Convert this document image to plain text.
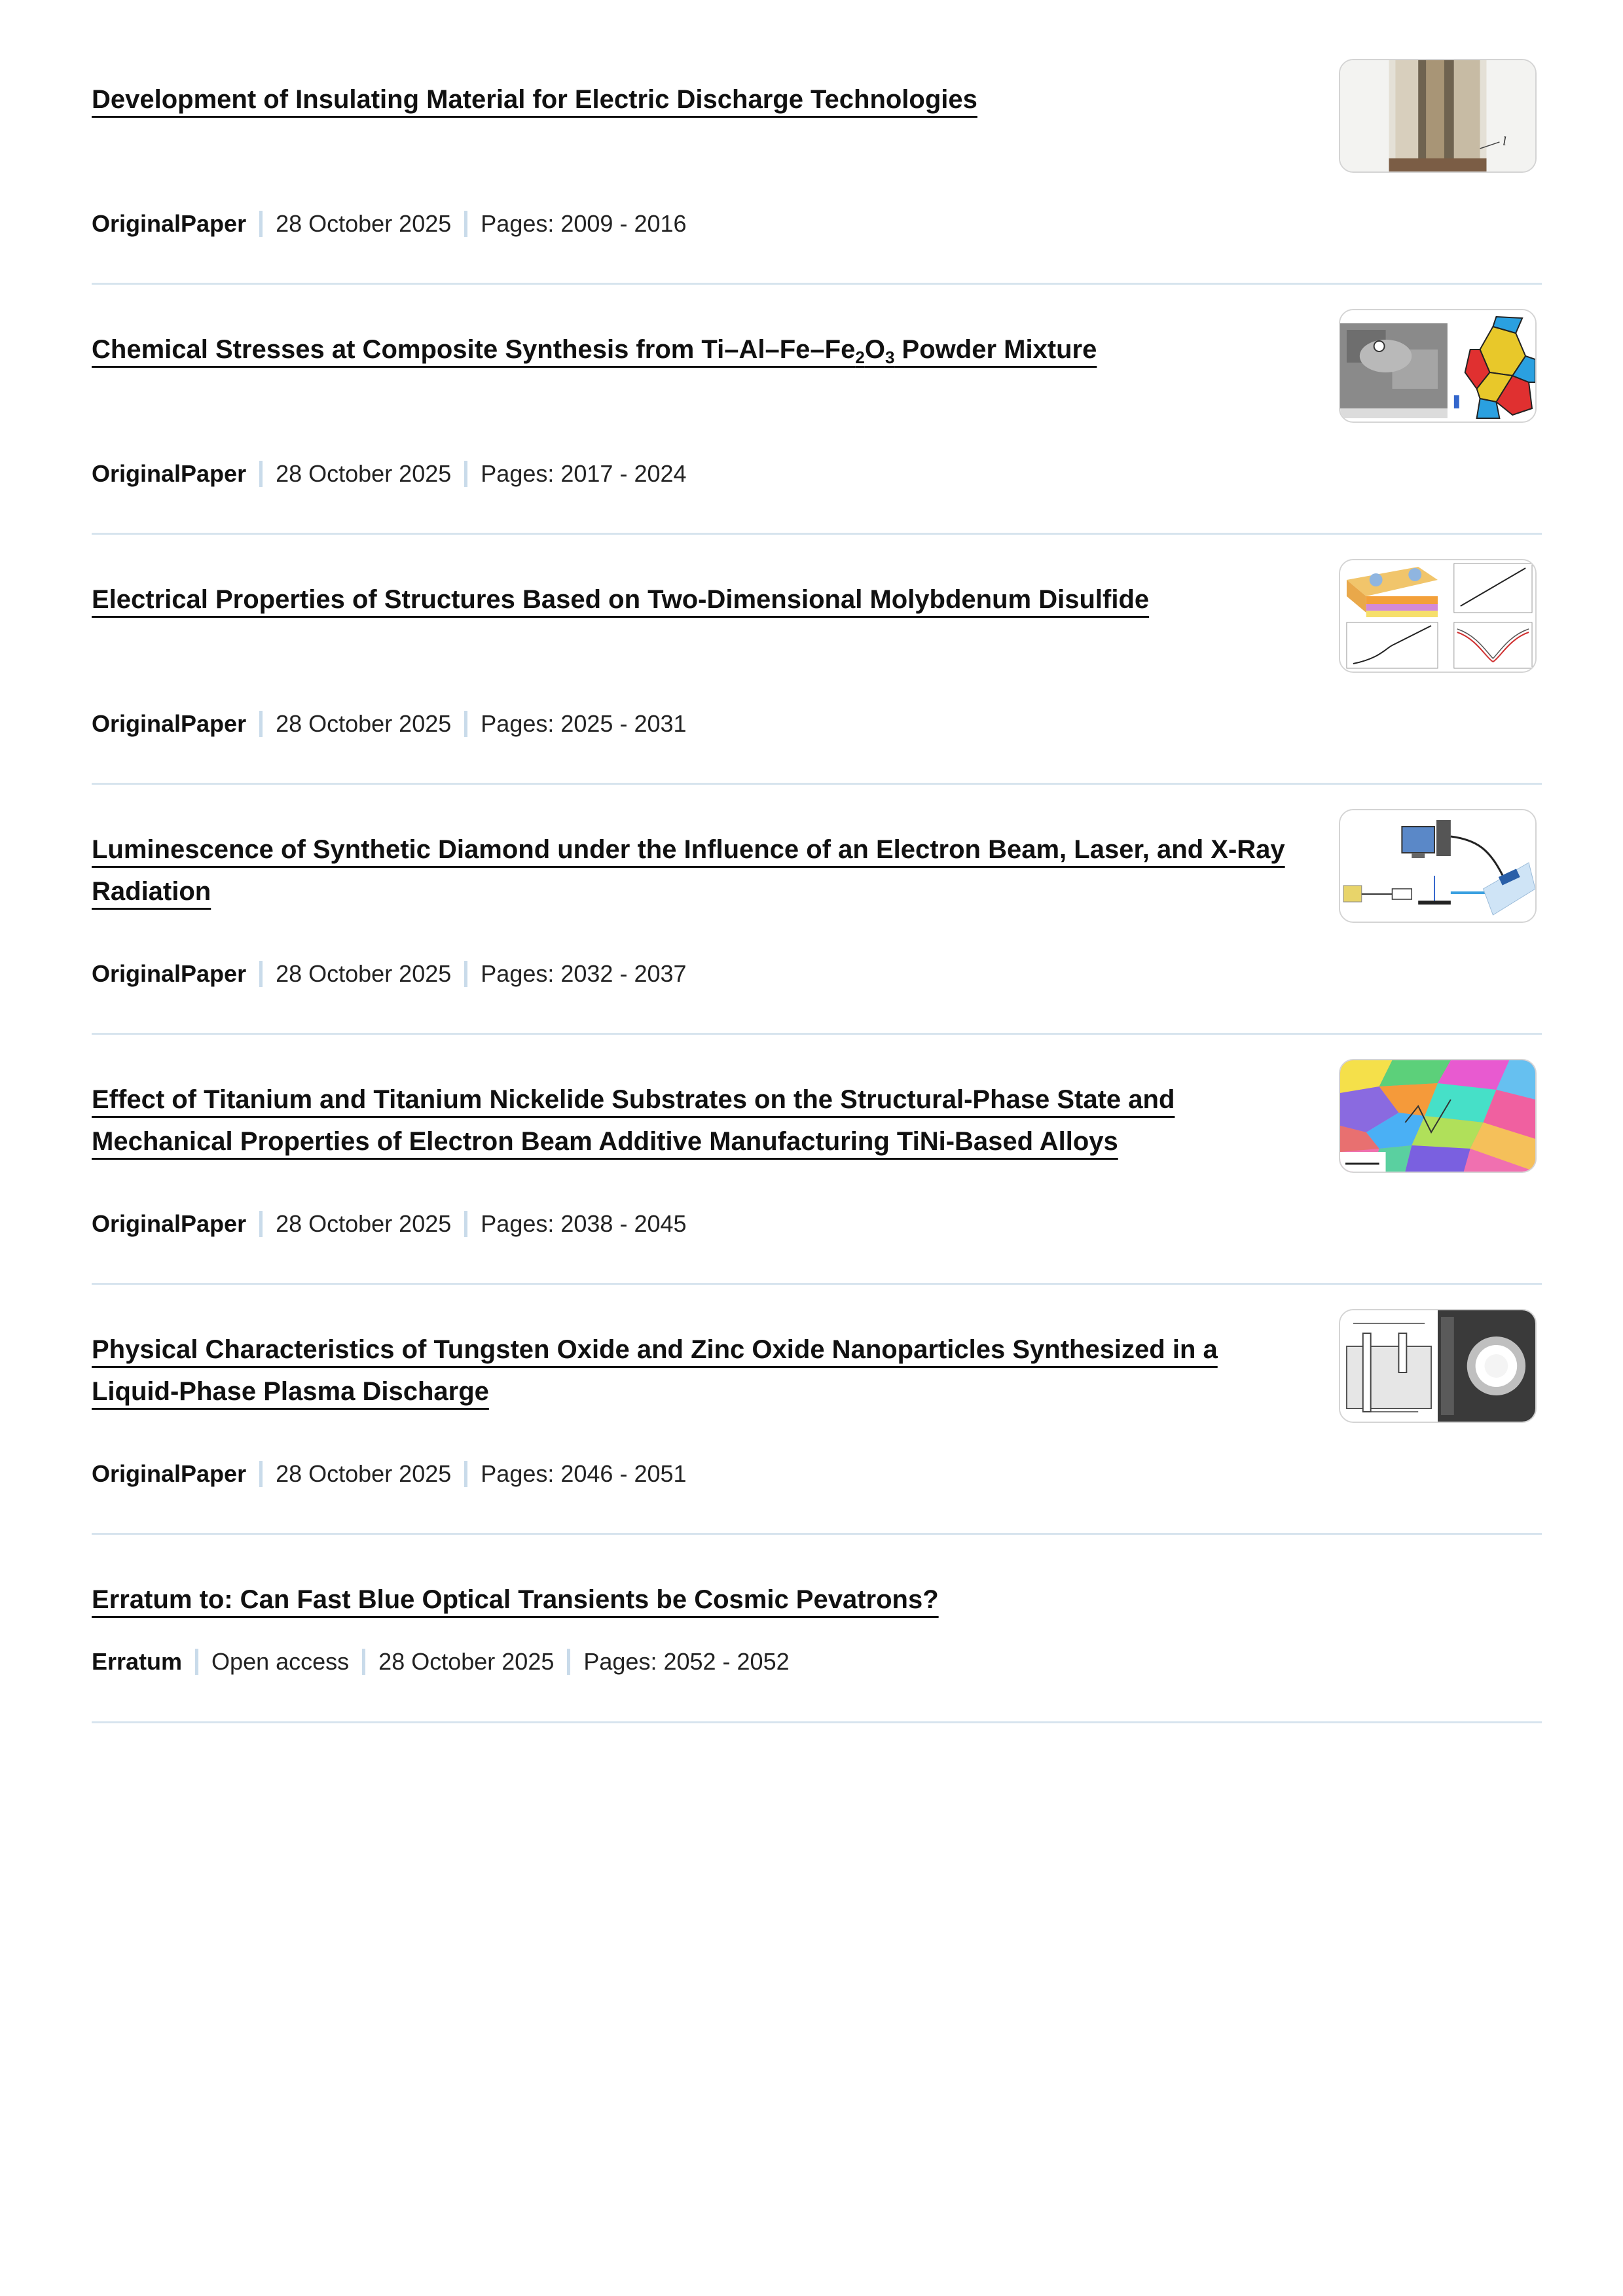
Development of Insulating Material for Electric Discharge Technologies
OriginalPaper 28 October 2025 Pages: 2009 - 2016
l
Chemical Stresses at Composite Synthesis from $Ti-Al-Fe-Fe_2O_3$ Powder Mixture
OriginalPaper 28 October 2025 Pages: 2017 - 2024
Electrical Properties of Structures Based on Two-Dimensional Molybdenum Disulfide
OriginalPaper 28 October 2025 Pages: 2025 - 2031
Luminescence of Synthetic Diamond under the Influence of an Electron Beam, Laser, and X-Ray Radiation
OriginalPaper 28 October 2025 Pages: 2032 - 2037
Effect of Titanium and Titanium Nickelide Substrates on the Structural-Phase State and Mechanical Properties of Electron Beam Additive Manufacturing TiNi-Based Alloys
OriginalPaper 28 October 2025 Pages: 2038 - 2045
Physical Characteristics of Tungsten Oxide and Zinc Oxide Nanoparticles Synthesized in a Liquid-Phase Plasma Discharge
OriginalPaper 28 October 2025 Pages: 2046 - 2051
Erratum to: Can Fast Blue Optical Transients be Cosmic Pevatrons?
Erratum Open access 28 October 2025 Pages: 2052 - 2052
